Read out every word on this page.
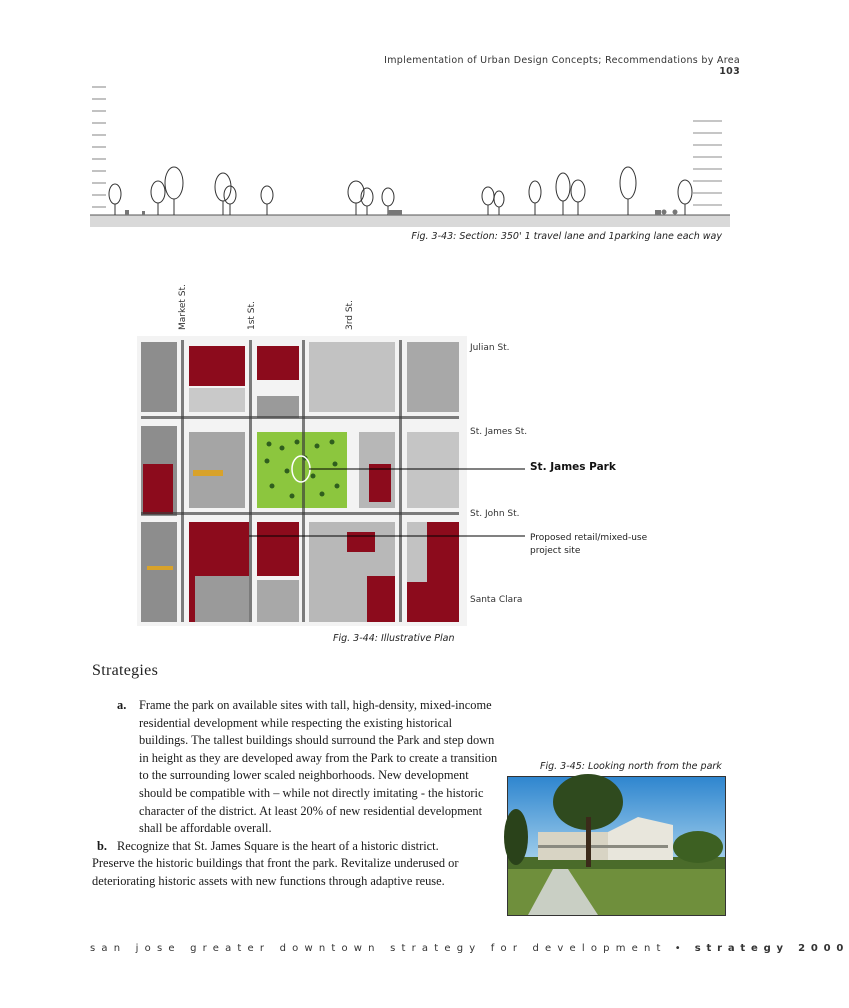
Implementation of Urban Design Concepts; Recommendations by Area 103
Fig. 3-43: Section: 350' 1 travel lane and 1parking lane each way
Market St.	1st St.	3rd St.
Julian St.
St. James St.
St. John St.
Santa Clara
St. James Park
Proposed retail/mixed-use
project site
Fig. 3-44: Illustrative Plan
Strategies

a. Frame the park on available sites with tall, high-density, mixed-income residential development while respecting the existing historical buildings. The tallest buildings should surround the Park and step down in height as they are developed away from the Park to create a transition to the surrounding lower scaled neighborhoods. New development should be compatible with – while not directly imitating - the historic character of the district. At least 20% of new residential development shall be affordable overall.

b. Recognize that St. James Square is the heart of a historic district.
Preserve the historic buildings that front the park. Revitalize underused or deteriorating historic assets with new functions through adaptive reuse.

Fig. 3-45: Looking north from the park
san jose greater downtown strategy for development • strategy 2000
